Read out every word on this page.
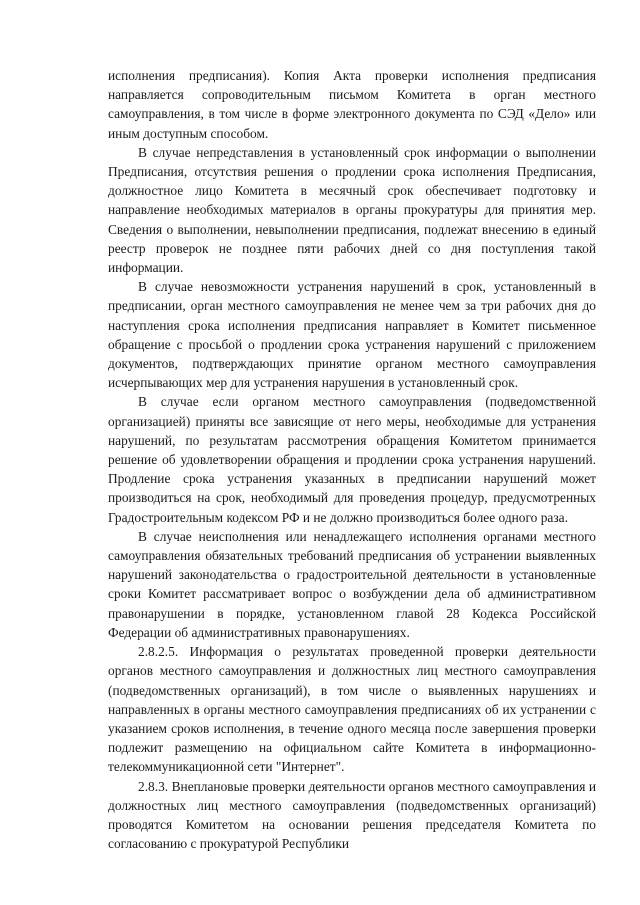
исполнения предписания). Копия Акта проверки исполнения предписания направляется сопроводительным письмом Комитета в орган местного самоуправления, в том числе в форме электронного документа по СЭД «Дело» или иным доступным способом.

В случае непредставления в установленный срок информации о выполнении Предписания, отсутствия решения о продлении срока исполнения Предписания, должностное лицо Комитета в месячный срок обеспечивает подготовку и направление необходимых материалов в органы прокуратуры для принятия мер. Сведения о выполнении, невыполнении предписания, подлежат внесению в единый реестр проверок не позднее пяти рабочих дней со дня поступления такой информации.

В случае невозможности устранения нарушений в срок, установленный в предписании, орган местного самоуправления не менее чем за три рабочих дня до наступления срока исполнения предписания направляет в Комитет письменное обращение с просьбой о продлении срока устранения нарушений с приложением документов, подтверждающих принятие органом местного самоуправления исчерпывающих мер для устранения нарушения в установленный срок.

В случае если органом местного самоуправления (подведомственной организацией) приняты все зависящие от него меры, необходимые для устранения нарушений, по результатам рассмотрения обращения Комитетом принимается решение об удовлетворении обращения и продлении срока устранения нарушений. Продление срока устранения указанных в предписании нарушений может производиться на срок, необходимый для проведения процедур, предусмотренных Градостроительным кодексом РФ и не должно производиться более одного раза.

В случае неисполнения или ненадлежащего исполнения органами местного самоуправления обязательных требований предписания об устранении выявленных нарушений законодательства о градостроительной деятельности в установленные сроки Комитет рассматривает вопрос о возбуждении дела об административном правонарушении в порядке, установленном главой 28 Кодекса Российской Федерации об административных правонарушениях.

2.8.2.5. Информация о результатах проведенной проверки деятельности органов местного самоуправления и должностных лиц местного самоуправления (подведомственных организаций), в том числе о выявленных нарушениях и направленных в органы местного самоуправления предписаниях об их устранении с указанием сроков исполнения, в течение одного месяца после завершения проверки подлежит размещению на официальном сайте Комитета в информационно-телекоммуникационной сети "Интернет".

2.8.3. Внеплановые проверки деятельности органов местного самоуправления и должностных лиц местного самоуправления (подведомственных организаций) проводятся Комитетом на основании решения председателя Комитета по согласованию с прокуратурой Республики
